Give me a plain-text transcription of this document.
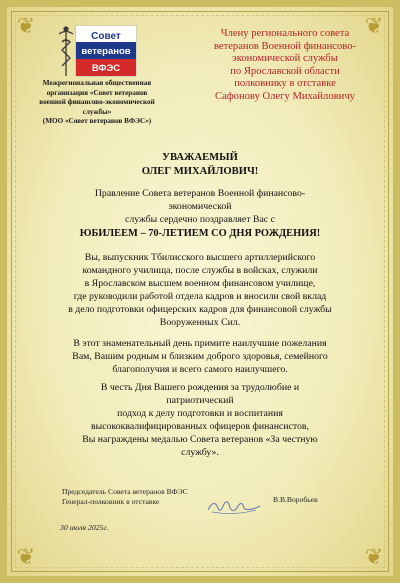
❦	❦
❦	❦
Совет
ветеранов
ВФЭС
Межрегиональная общественная
организация «Совет ветеранов
военной финансово-экономической
службы»
(МОО «Совет ветеранов ВФЭС»)
Члену регионального совета
ветеранов Военной финансово-
экономической службы
по Ярославской области
полковнику в отставке
Сафонову Олегу Михайловичу
УВАЖАЕМЫЙ
ОЛЕГ МИХАЙЛОВИЧ!
Правление Совета ветеранов Военной финансово-
экономической
службы сердечно поздравляет Вас с
ЮБИЛЕЕМ – 70-ЛЕТИЕМ СО ДНЯ РОЖДЕНИЯ!
Вы, выпускник Тбилисского высшего артиллерийского
командного училища, после службы в войсках, служили
в Ярославском высшем военном финансовом училище,
где руководили работой отдела кадров и вносили свой вклад
в дело подготовки офицерских кадров для финансовой службы
Вооруженных Сил.
В этот знаменательный день примите наилучшие пожелания
Вам, Вашим родным и близким доброго здоровья, семейного
благополучия и всего самого наилучшего.
В честь Дня Вашего рождения за трудолюбие и
патриотический
подход к делу подготовки и воспитания
высококвалифицированных офицеров финансистов,
Вы награждены медалью Совета ветеранов «За честную
службу».
Председатель Совета ветеранов ВФЭС
Генерал-полковник в отставке	В.В.Воробьев
30 июля 2025г.
